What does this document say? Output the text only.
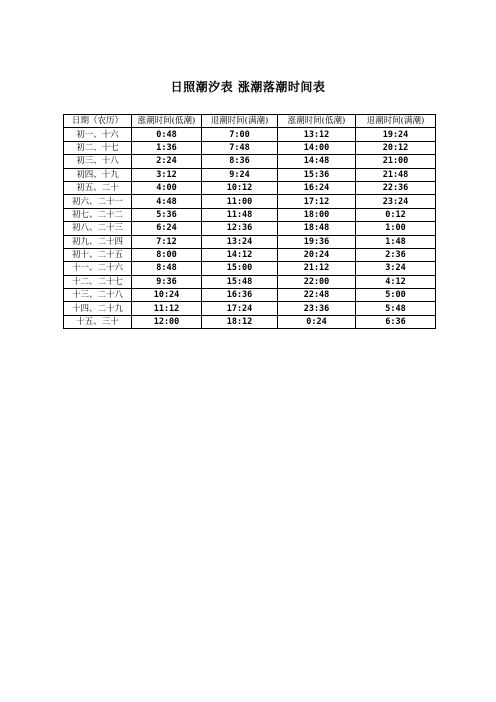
日照潮汐表 涨潮落潮时间表
日期（农历）	涨潮时间(低潮)	退潮时间(满潮)	涨潮时间(低潮)	退潮时间(满潮)
初一、十六	0:48	7:00	13:12	19:24
初二、十七	1:36	7:48	14:00	20:12
初三、十八	2:24	8:36	14:48	21:00
初四、十九	3:12	9:24	15:36	21:48
初五、二十	4:00	10:12	16:24	22:36
初六、二十一	4:48	11:00	17:12	23:24
初七、二十二	5:36	11:48	18:00	0:12
初八、二十三	6:24	12:36	18:48	1:00
初九、二十四	7:12	13:24	19:36	1:48
初十、二十五	8:00	14:12	20:24	2:36
十一、二十六	8:48	15:00	21:12	3:24
十二、二十七	9:36	15:48	22:00	4:12
十三、二十八	10:24	16:36	22:48	5:00
十四、二十九	11:12	17:24	23:36	5:48
十五、三十	12:00	18:12	0:24	6:36
